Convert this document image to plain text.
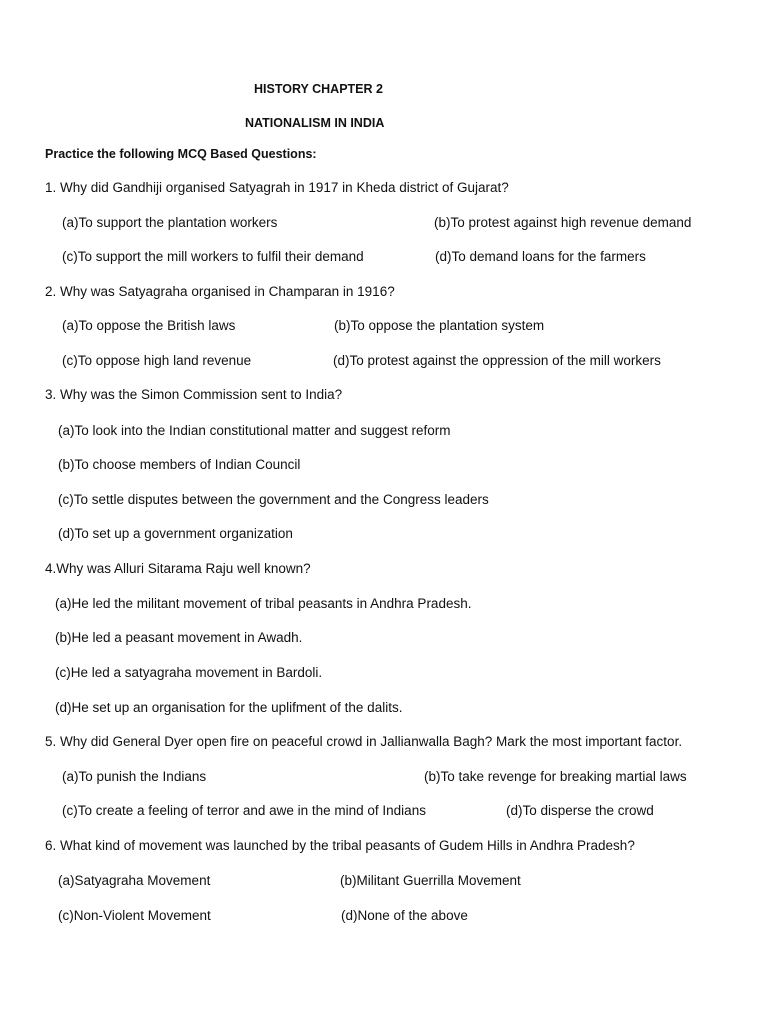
HISTORY CHAPTER 2
NATIONALISM IN INDIA
Practice the following MCQ Based Questions:
1. Why did Gandhiji organised Satyagrah in 1917 in Kheda district of Gujarat?
(a)To support the plantation workers	(b)To protest against high revenue demand
(c)To support the mill workers to fulfil their demand	(d)To demand loans for the farmers
2. Why was Satyagraha organised in Champaran in 1916?
(a)To oppose the British laws	(b)To oppose the plantation system
(c)To oppose high land revenue	(d)To protest against the oppression of the mill workers
3. Why was the Simon Commission sent to India?
(a)To look into the Indian constitutional matter and suggest reform
(b)To choose members of Indian Council
(c)To settle disputes between the government and the Congress leaders
(d)To set up a government organization
4.Why was Alluri Sitarama Raju well known?
(a)He led the militant movement of tribal peasants in Andhra Pradesh.
(b)He led a peasant movement in Awadh.
(c)He led a satyagraha movement in Bardoli.
(d)He set up an organisation for the uplifment of the dalits.
5. Why did General Dyer open fire on peaceful crowd in Jallianwalla Bagh? Mark the most important factor.
(a)To punish the Indians	(b)To take revenge for breaking martial laws
(c)To create a feeling of terror and awe in the mind of Indians	(d)To disperse the crowd
6. What kind of movement was launched by the tribal peasants of Gudem Hills in Andhra Pradesh?
(a)Satyagraha Movement	(b)Militant Guerrilla Movement
(c)Non-Violent Movement	(d)None of the above
